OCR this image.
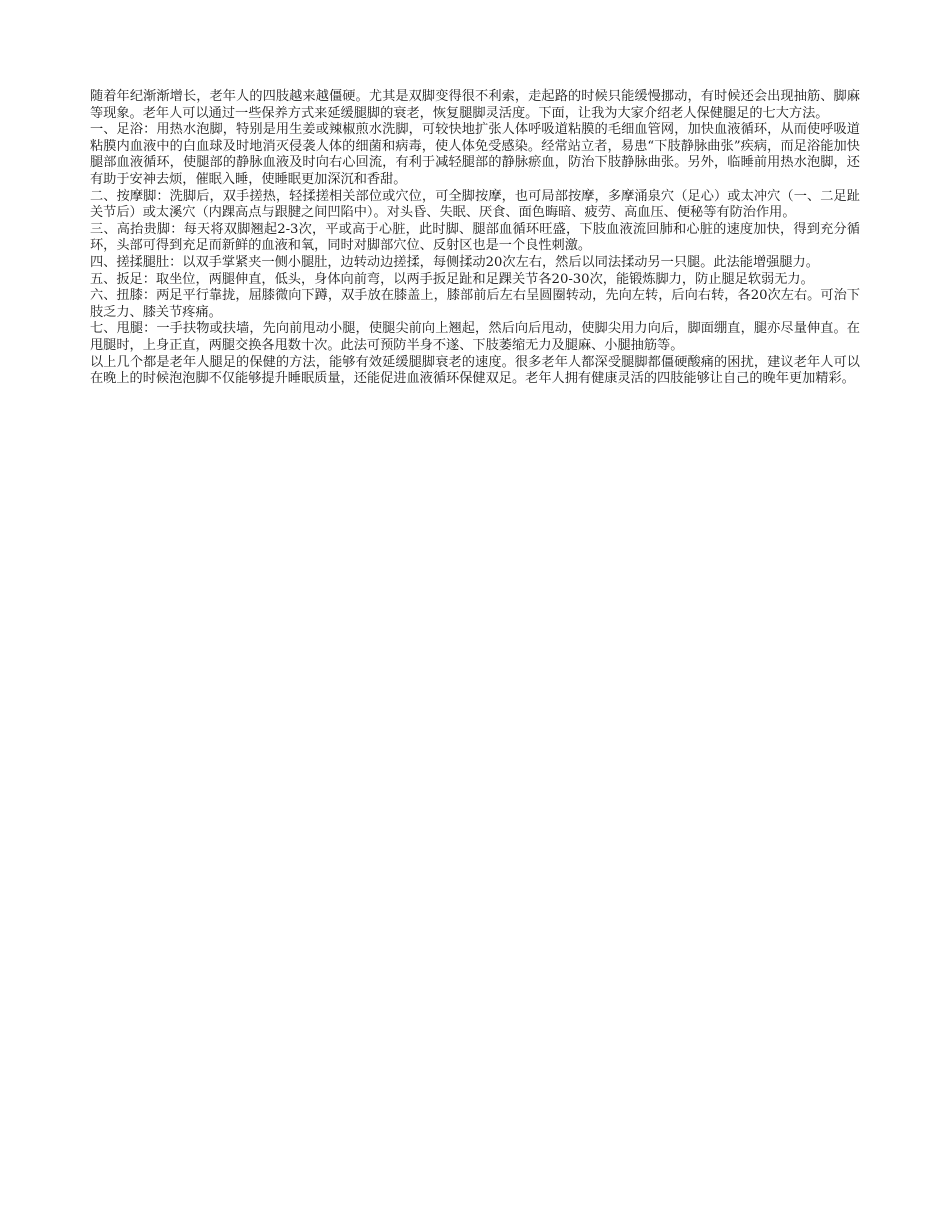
随着年纪渐渐增长，老年人的四肢越来越僵硬。尤其是双脚变得很不利索，走起路的时候只能缓慢挪动，有时候还会出现抽筋、脚麻等现象。老年人可以通过一些保养方式来延缓腿脚的衰老，恢复腿脚灵活度。下面，让我为大家介绍老人保健腿足的七大方法。

一、足浴：用热水泡脚，特别是用生姜或辣椒煎水洗脚，可较快地扩张人体呼吸道粘膜的毛细血管网，加快血液循环，从而使呼吸道粘膜内血液中的白血球及时地消灭侵袭人体的细菌和病毒，使人体免受感染。经常站立者，易患“下肢静脉曲张”疾病，而足浴能加快腿部血液循环，使腿部的静脉血液及时向右心回流，有利于减轻腿部的静脉瘀血，防治下肢静脉曲张。另外，临睡前用热水泡脚，还有助于安神去烦，催眠入睡，使睡眠更加深沉和香甜。

二、按摩脚：洗脚后，双手搓热，轻揉搓相关部位或穴位，可全脚按摩，也可局部按摩，多摩涌泉穴（足心）或太冲穴（一、二足趾关节后）或太溪穴（内踝高点与跟腱之间凹陷中）。对头昏、失眠、厌食、面色晦暗、疲劳、高血压、便秘等有防治作用。

三、高抬贵脚：每天将双脚翘起2-3次，平或高于心脏，此时脚、腿部血循环旺盛，下肢血液流回肺和心脏的速度加快，得到充分循环，头部可得到充足而新鲜的血液和氧，同时对脚部穴位、反射区也是一个良性刺激。

四、搓揉腿肚：以双手掌紧夹一侧小腿肚，边转动边搓揉，每侧揉动20次左右，然后以同法揉动另一只腿。此法能增强腿力。

五、扳足：取坐位，两腿伸直，低头，身体向前弯，以两手扳足趾和足踝关节各20-30次，能锻炼脚力，防止腿足软弱无力。

六、扭膝：两足平行靠拢，屈膝微向下蹲，双手放在膝盖上，膝部前后左右呈圆圈转动，先向左转，后向右转，各20次左右。可治下肢乏力、膝关节疼痛。

七、甩腿：一手扶物或扶墙，先向前甩动小腿，使腿尖前向上翘起，然后向后甩动，使脚尖用力向后，脚面绷直，腿亦尽量伸直。在甩腿时，上身正直，两腿交换各甩数十次。此法可预防半身不遂、下肢萎缩无力及腿麻、小腿抽筋等。

以上几个都是老年人腿足的保健的方法，能够有效延缓腿脚衰老的速度。很多老年人都深受腿脚都僵硬酸痛的困扰，建议老年人可以在晚上的时候泡泡脚不仅能够提升睡眠质量，还能促进血液循环保健双足。老年人拥有健康灵活的四肢能够让自己的晚年更加精彩。
